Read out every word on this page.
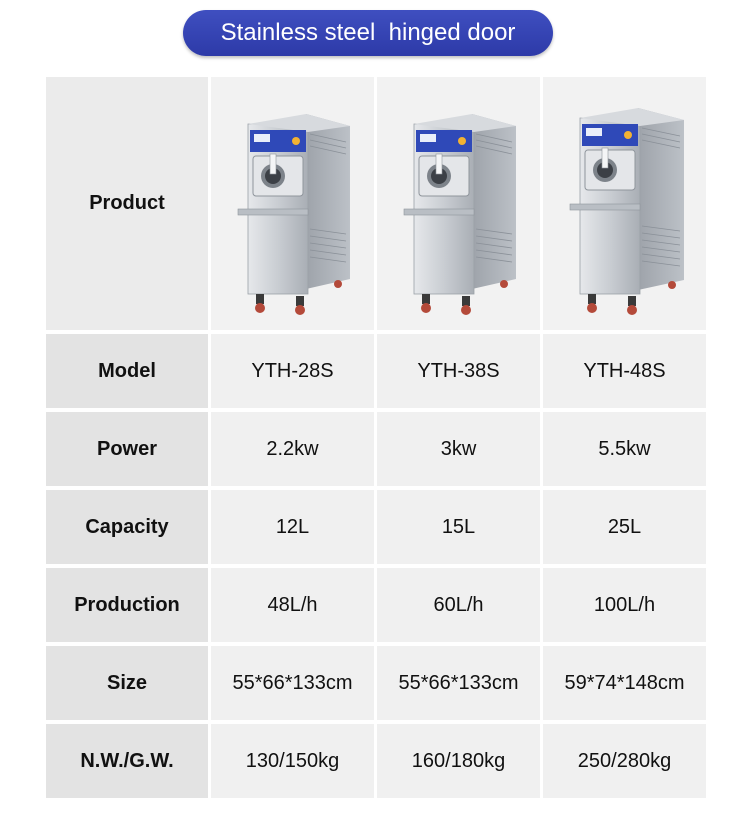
Stainless steel  hinged door
Product
Model	YTH-28S	YTH-38S	YTH-48S
Power	2.2kw	3kw	5.5kw
Capacity	12L	15L	25L
Production	48L/h	60L/h	100L/h
Size	55*66*133cm	55*66*133cm	59*74*148cm
N.W./G.W.	130/150kg	160/180kg	250/280kg
